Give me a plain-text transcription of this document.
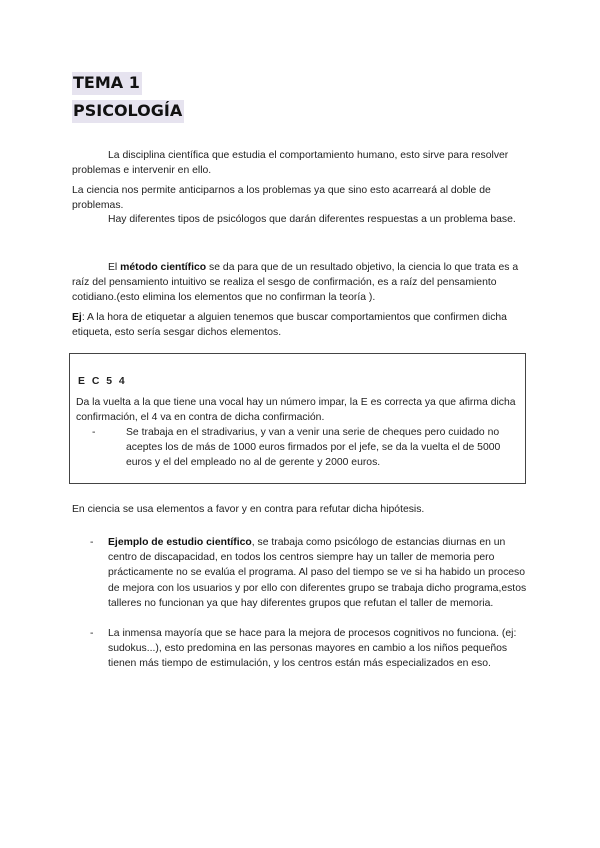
TEMA 1
PSICOLOGÍA

La disciplina científica que estudia el comportamiento humano, esto sirve para resolver problemas e intervenir en ello.

La ciencia nos permite anticiparnos a los problemas ya que sino esto acarreará al doble de problemas.

Hay diferentes tipos de psicólogos que darán diferentes respuestas a un problema base.

El método científico se da para que de un resultado objetivo, la ciencia lo que trata es a raíz del pensamiento intuitivo se realiza el sesgo de confirmación, es a raíz del pensamiento cotidiano.(esto elimina los elementos que no confirman la teoría ).

Ej: A la hora de etiquetar a alguien tenemos que buscar comportamientos que confirmen dicha etiqueta, esto sería sesgar dichos elementos.

E C 5 4

Da la vuelta a la que tiene una vocal hay un número impar, la E es correcta ya que afirma dicha confirmación, el 4 va en contra de dicha confirmación.

-	Se trabaja en el stradivarius, y van a venir una serie de cheques pero cuidado no aceptes los de más de 1000 euros firmados por el jefe, se da la vuelta el de 5000 euros y el del empleado no al de gerente y 2000 euros.

En ciencia se usa elementos a favor y en contra para refutar dicha hipótesis.

- Ejemplo de estudio científico, se trabaja como psicólogo de estancias diurnas en un centro de discapacidad, en todos los centros siempre hay un taller de memoria pero prácticamente no se evalúa el programa. Al paso del tiempo se ve si ha habido un proceso de mejora con los usuarios y por ello con diferentes grupo se trabaja dicho programa,estos talleres no funcionan ya que hay diferentes grupos que refutan el taller de memoria.
- La inmensa mayoría que se hace para la mejora de procesos cognitivos no funciona. (ej: sudokus...), esto predomina en las personas mayores en cambio a los niños pequeños tienen más tiempo de estimulación, y los centros están más especializados en eso.
